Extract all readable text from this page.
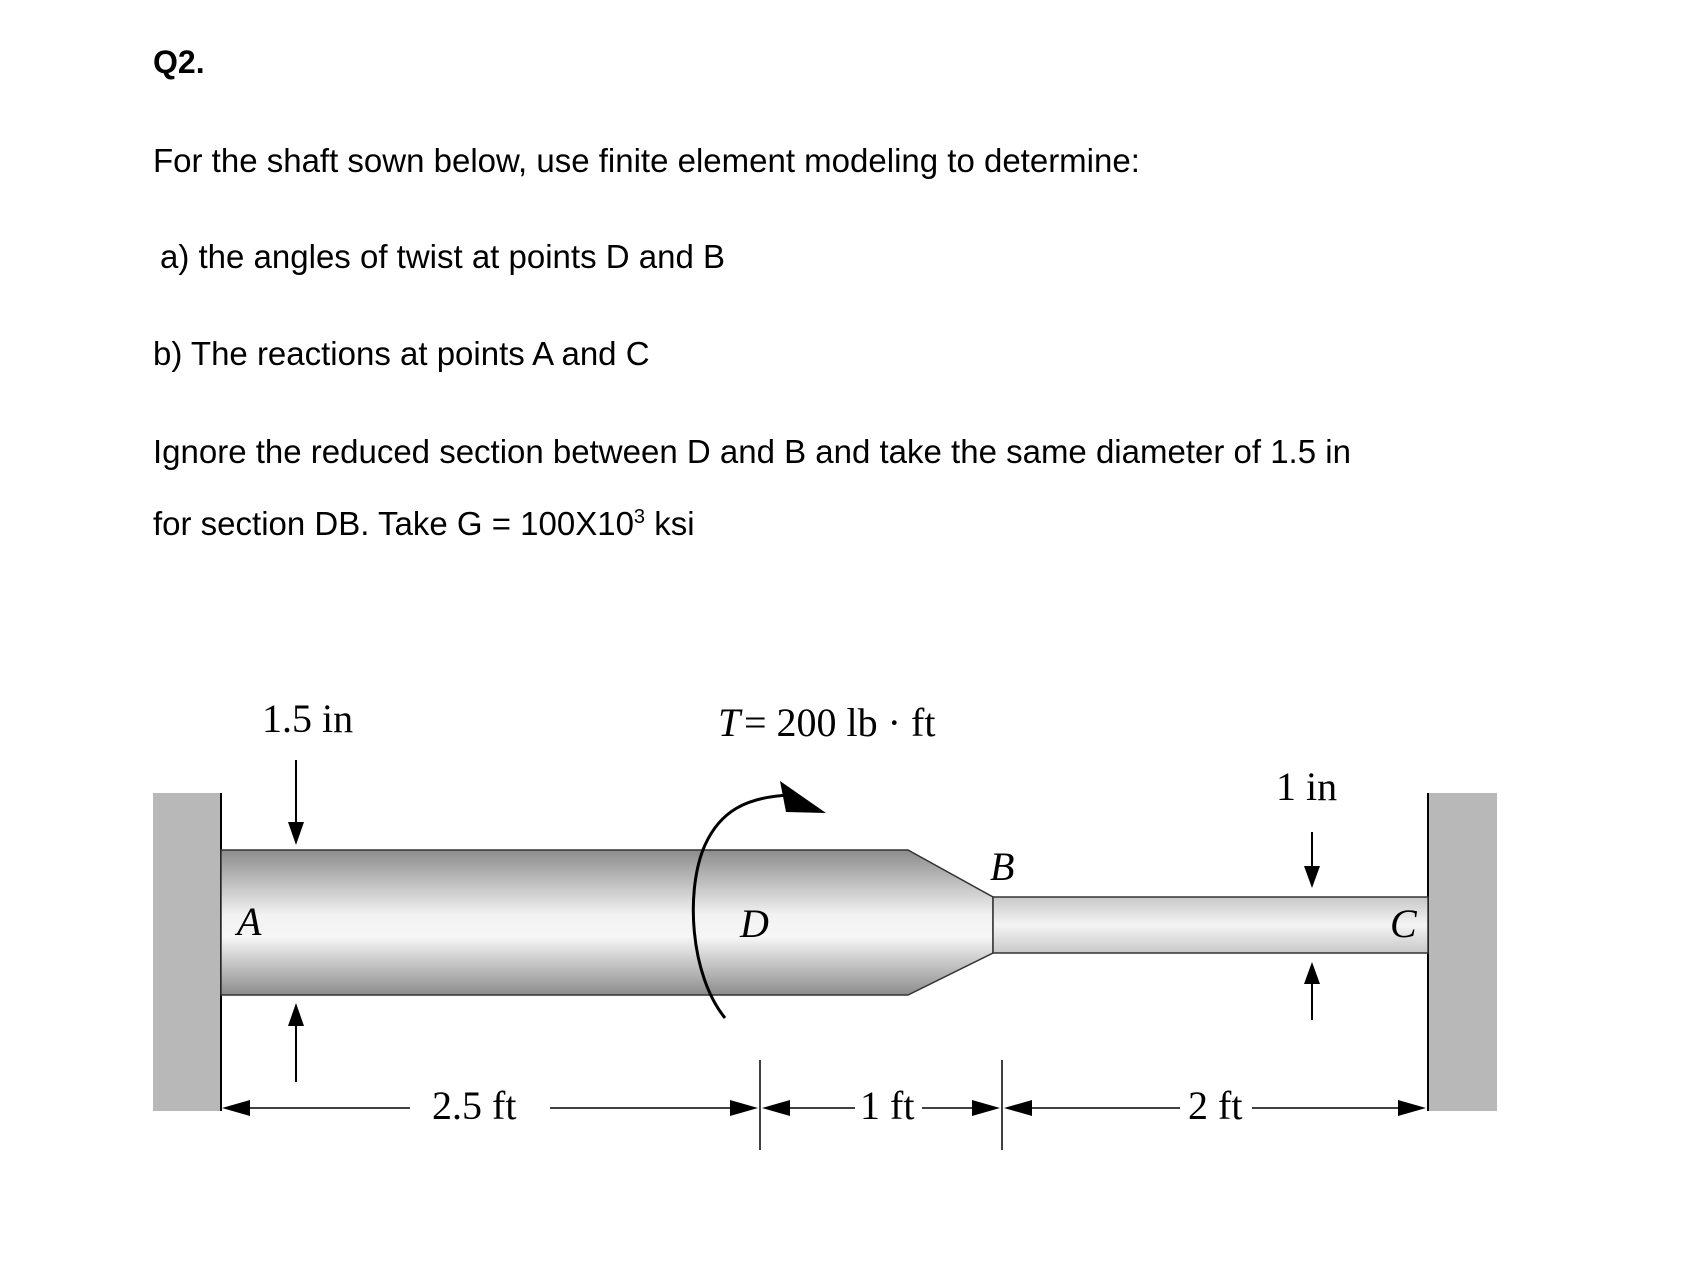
Q2.

For the shaft sown below, use finite element modeling to determine:

a) the angles of twist at points D and B

b) The reactions at points A and C

Ignore the reduced section between D and B and take the same diameter of 1.5 in

for section DB. Take $G = 100X10^3$ ksi

1.5 in
1 in
T = 200 lb · ft
A
B
C
D
2.5 ft	1 ft	2 ft
